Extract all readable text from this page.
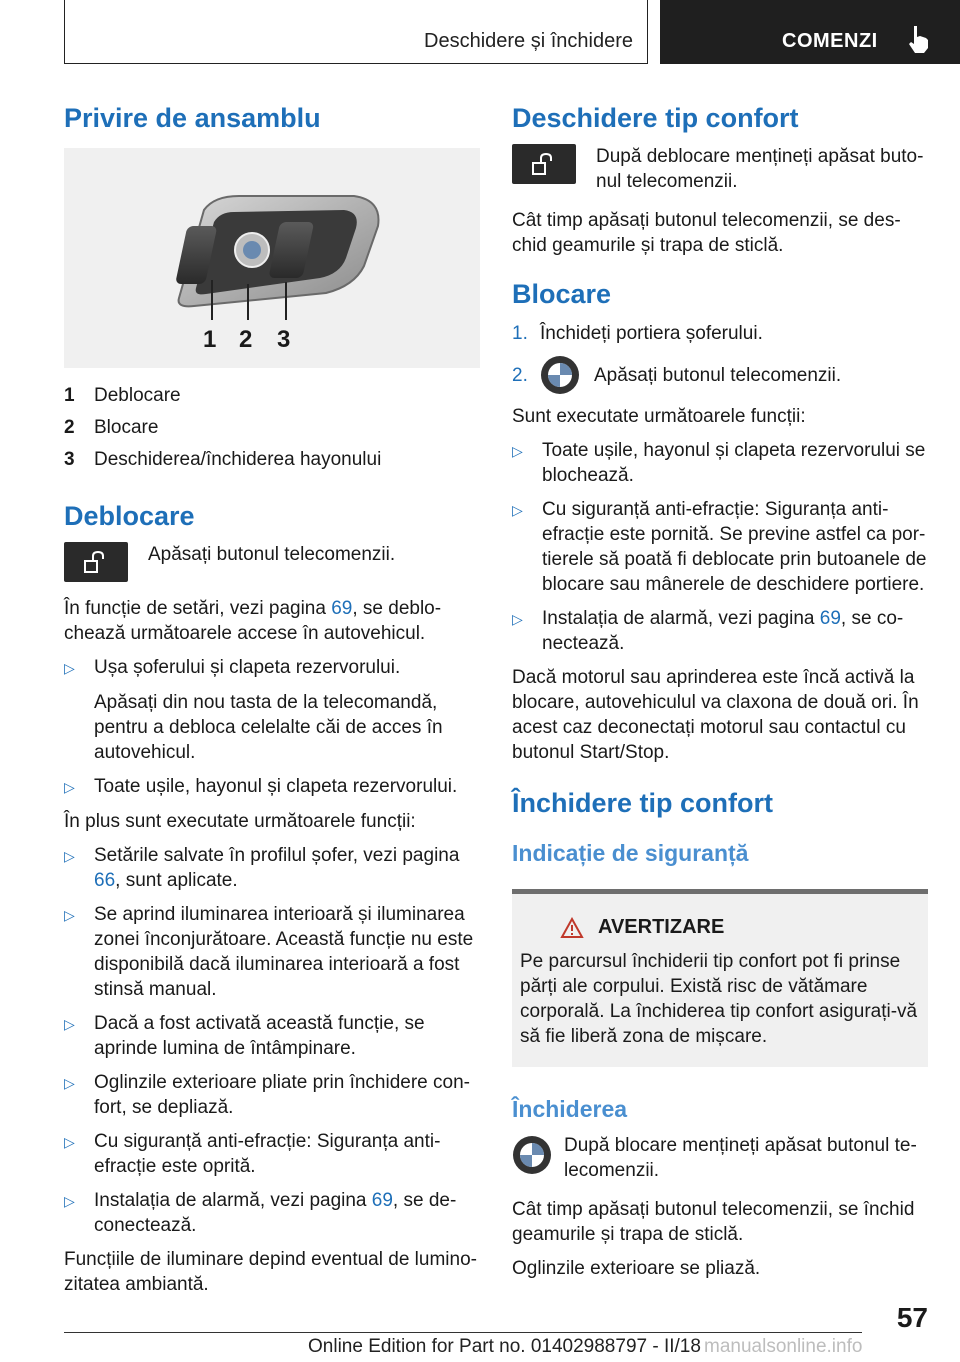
Deschidere și închidere	COMENZI
Privire de ansamblu
1 2 3
1	Deblocare
2	Blocare
3	Deschiderea/închiderea hayonului
Deblocare

Apăsați butonul telecomenzii.

În funcție de setări, vezi pagina 69, se deblochează următoarele accese în autovehicul.

▷	Ușa șoferului și clapeta rezervorului.

Apăsați din nou tasta de la telecomandă, pentru a debloca celelalte căi de acces în autovehicul.

▷	Toate ușile, hayonul și clapeta rezervorului.

În plus sunt executate următoarele funcții:

▷	Setările salvate în profilul șofer, vezi pagina 66, sunt aplicate.
▷	Se aprind iluminarea interioară și iluminarea zonei înconjurătoare. Această funcție nu este disponibilă dacă iluminarea interioară a fost stinsă manual.
▷	Dacă a fost activată această funcție, se aprinde lumina de întâmpinare.
▷	Oglinzile exterioare pliate prin închidere confort, se depliază.
▷	Cu siguranță anti-efracție: Siguranța anti-efracție este oprită.
▷	Instalația de alarmă, vezi pagina 69, se deconectează.

Funcțiile de iluminare depind eventual de luminozitatea ambiantă.

Deschidere tip confort

După deblocare mențineți apăsat butonul telecomenzii.

Cât timp apăsați butonul telecomenzii, se deschid geamurile și trapa de sticlă.

Blocare
1. Închideți portiera șoferului.
2.	Apăsați butonul telecomenzii.

Sunt executate următoarele funcții:

▷	Toate ușile, hayonul și clapeta rezervorului se blochează.
▷	Cu siguranță anti-efracție: Siguranța anti-efracție este pornită. Se previne astfel ca portierele să poată fi deblocate prin butoanele de blocare sau mânerele de deschidere portiere.
▷	Instalația de alarmă, vezi pagina 69, se conectează.

Dacă motorul sau aprinderea este încă activă la blocare, autovehiculul va claxona de două ori. În acest caz deconectați motorul sau contactul cu butonul Start/Stop.

Închidere tip confort
Indicație de siguranță
AVERTIZARE

Pe parcursul închiderii tip confort pot fi prinse părți ale corpului. Există risc de vătămare corporală. La închiderea tip confort asigurați-vă să fie liberă zona de mișcare.

Închiderea

După blocare mențineți apăsat butonul telecomenzii.

Cât timp apăsați butonul telecomenzii, se închid geamurile și trapa de sticlă.

Oglinzile exterioare se pliază.

57
Online Edition for Part no. 01402988797 - II/18 manualsonline.info
